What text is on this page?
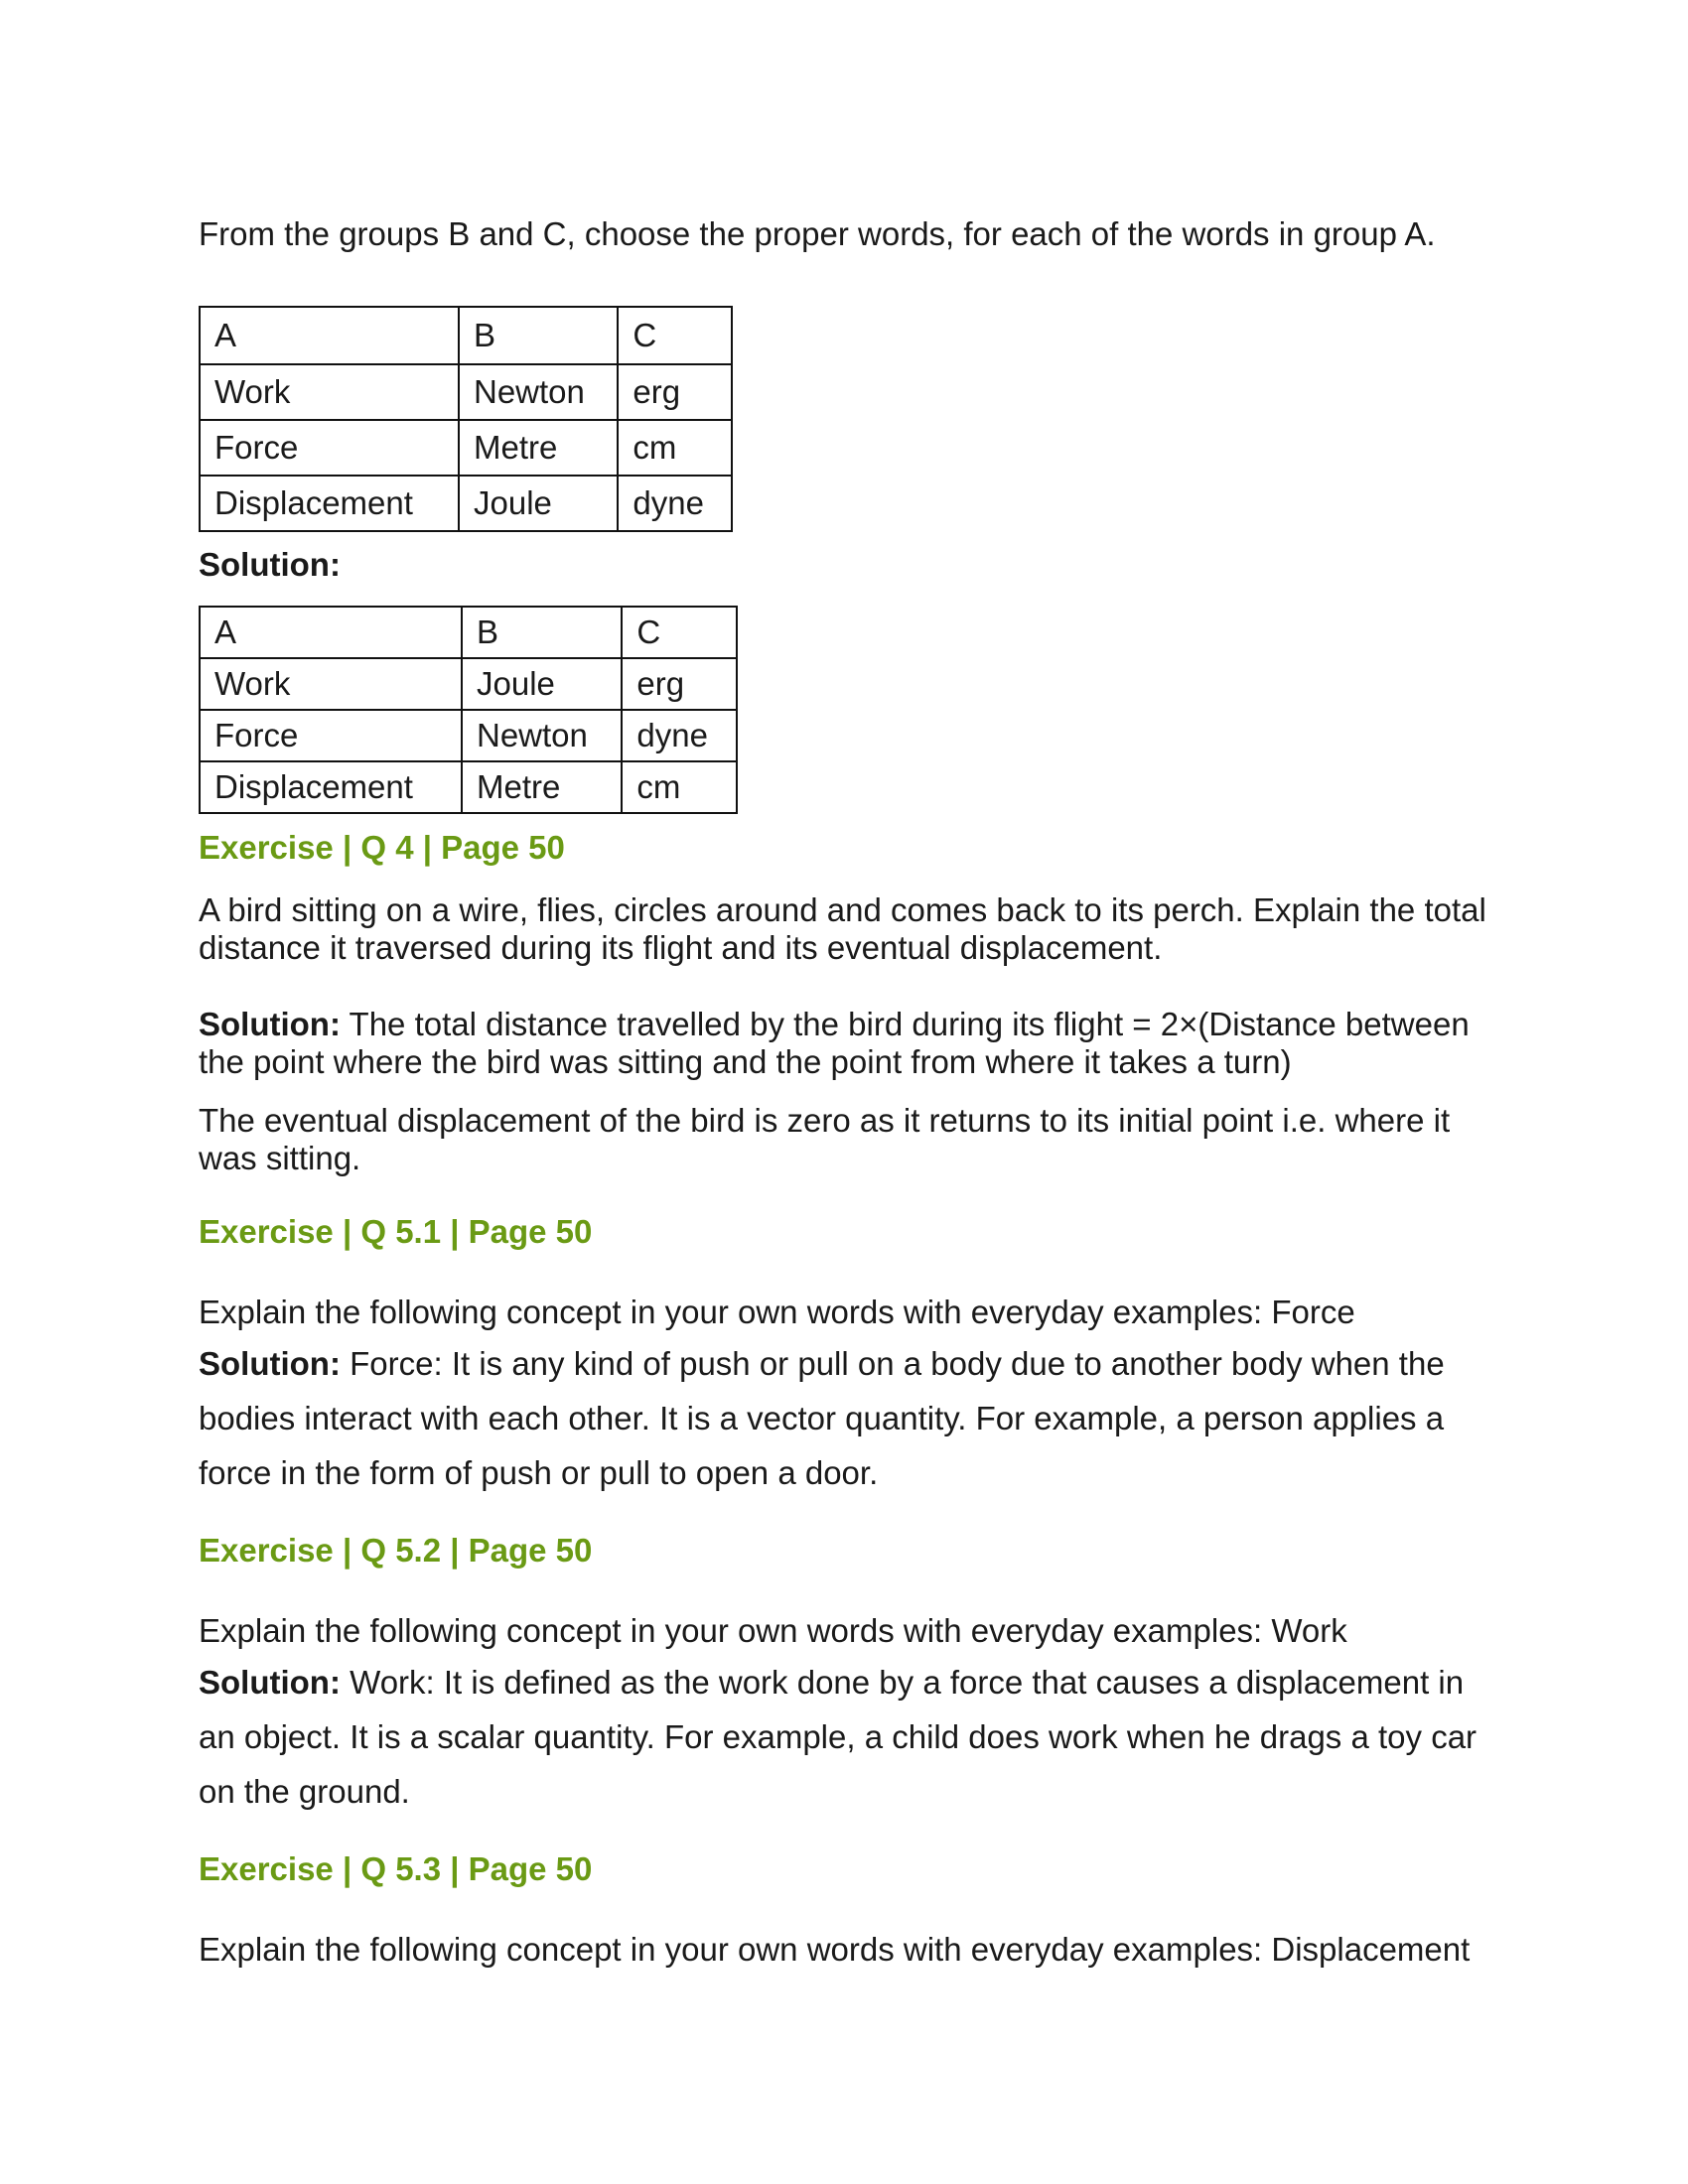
From the groups B and C, choose the proper words, for each of the words in group A.

A	B	C
Work	Newton	erg
Force	Metre	cm
Displacement	Joule	dyne

Solution:

A	B	C
Work	Joule	erg
Force	Newton	dyne
Displacement	Metre	cm

Exercise | Q 4 | Page 50

A bird sitting on a wire, flies, circles around and comes back to its perch. Explain the total distance it traversed during its flight and its eventual displacement.

Solution: The total distance travelled by the bird during its flight = 2×(Distance between the point where the bird was sitting and the point from where it takes a turn)

The eventual displacement of the bird is zero as it returns to its initial point i.e. where it was sitting.

Exercise | Q 5.1 | Page 50

Explain the following concept in your own words with everyday examples: Force

Solution: Force: It is any kind of push or pull on a body due to another body when the bodies interact with each other. It is a vector quantity. For example, a person applies a force in the form of push or pull to open a door.

Exercise | Q 5.2 | Page 50

Explain the following concept in your own words with everyday examples: Work

Solution: Work: It is defined as the work done by a force that causes a displacement in an object. It is a scalar quantity. For example, a child does work when he drags a toy car on the ground.

Exercise | Q 5.3 | Page 50

Explain the following concept in your own words with everyday examples: Displacement
